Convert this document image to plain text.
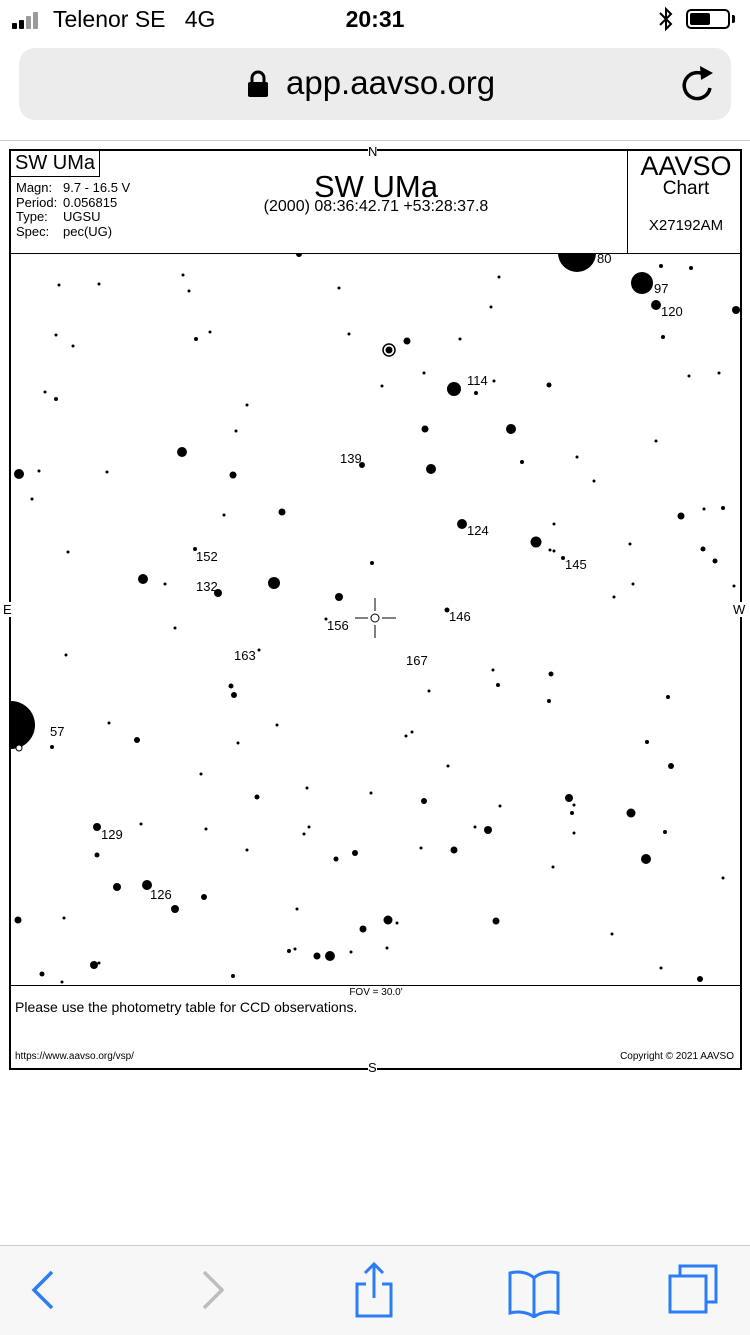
Telenor SE 4G	20:31
app.aavso.org
SW UMa
Magn: 9.7 - 16.5 V
Period: 0.056815
Type: UGSU
Spec: pec(UG)
SW UMa
(2000) 08:36:42.71 +53:28:37.8
AAVSO
Chart
X27192AM
80
97
120
114
139
124
152
145
132
146
156
163	167
57
129
126
N
S
E	W
FOV = 30.0'
Please use the photometry table for CCD observations.
https://www.aavso.org/vsp/	Copyright © 2021 AAVSO
